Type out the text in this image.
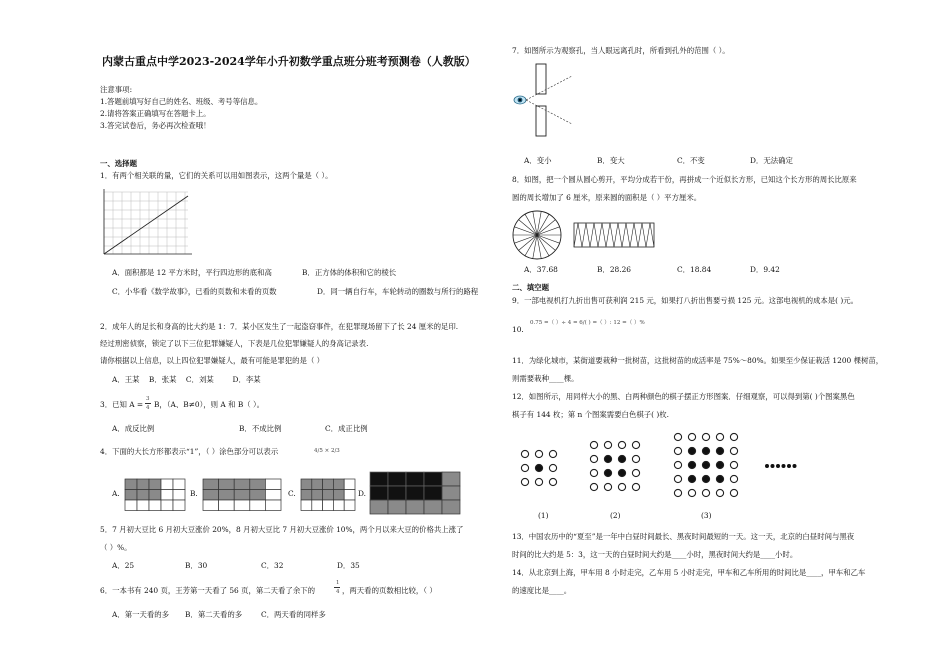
内蒙古重点中学2023-2024学年小升初数学重点班分班考预测卷（人教版）
注意事项:
1.答题前填写好自己的姓名、班级、考号等信息。
2.请将答案正确填写在答题卡上。
3.答完试卷后，务必再次检查哦！
一、选择题
1．有两个相关联的量，它们的关系可以用如图表示，这两个量是（ ）。
A．面积都是 12 平方米时，平行四边形的底和高	B．正方体的体积和它的棱长
C．小华看《数学故事》，已看的页数和未看的页数	D．同一辆自行车，车轮转动的圈数与所行的路程
2．成年人的足长和身高的比大约是 1：7．某小区发生了一起盗窃事件，在犯罪现场留下了长 24 厘米的足印.
经过刑密侦察，锁定了以下三位犯罪嫌疑人，下表是几位犯罪嫌疑人的身高记录表.
请你根据以上信息，以上四位犯罪嫌疑人，最有可能是罪犯的是（ ）
A．王某    B．张某    C．刘某        D．李某
3．已知 A =
3
4 B，（A、B≠0），则 A 和 B（ ）。
A．成反比例	B．不成比例	C．成正比例
4．下面的大长方形都表示“1”，（ ）涂色部分可以表示	4/5 × 2/3
A.	B.	C.	D.
5．7 月初大豆比 6 月初大豆涨价 20%，8 月初大豆比 7 月初大豆涨价 10%，两个月以来大豆的价格共上涨了
（ ）%。
A．25	B．30	C．32	D．35
6．一本书有 240 页，王芳第一天看了 56 页，第二天看了余下的
1
4 ，两天看的页数相比较，（ ）
A．第一天看的多 B．第二天看的多	C．两天看的同样多
7．如图所示为观察孔，当人眼远离孔时，所看到孔外的范围（ ）。
A．变小	B．变大	C．不变	D．无法确定
8．如图，把一个圆从圆心剪开，平均分成若干份，再拼成一个近似长方形，已知这个长方形的周长比原来
圆的周长增加了 6 厘米，原来圆的面积是（ ）平方厘米。
A．37.68	B．28.26	C．18.84	D．9.42
二、填空题
9．一部电视机打九折出售可获利润 215 元，如果打八折出售要亏损 125 元。这部电视机的成本是( )元。
10.
0.75 =（ ）÷ 4 = 6/( ) =（ ）: 12 =（ ）%
11．为绿化城市，某街道要栽种一批树苗，这批树苗的成活率是 75%～80%。如果至少保证栽活 1200 棵树苗，
则需要栽种____棵。
12．如图所示，用同样大小的黑、白两种颜色的棋子摆正方形图案．仔细观察，可以得到第( )个图案黑色
棋子有 144 枚；第 n 个图案需要白色棋子( )枚.
(1)	(2)	(3)
13．中国农历中的“夏至”是一年中白昼时间最长、黑夜时间最短的一天。这一天，北京的白昼时间与黑夜
时间的比大约是 5：3，这一天的白昼时间大约是____小时，黑夜时间大约是____小时。
14．从北京到上海，甲车用 8 小时走完，乙车用 5 小时走完，甲车和乙车所用的时间比是____，甲车和乙车
的速度比是____。
